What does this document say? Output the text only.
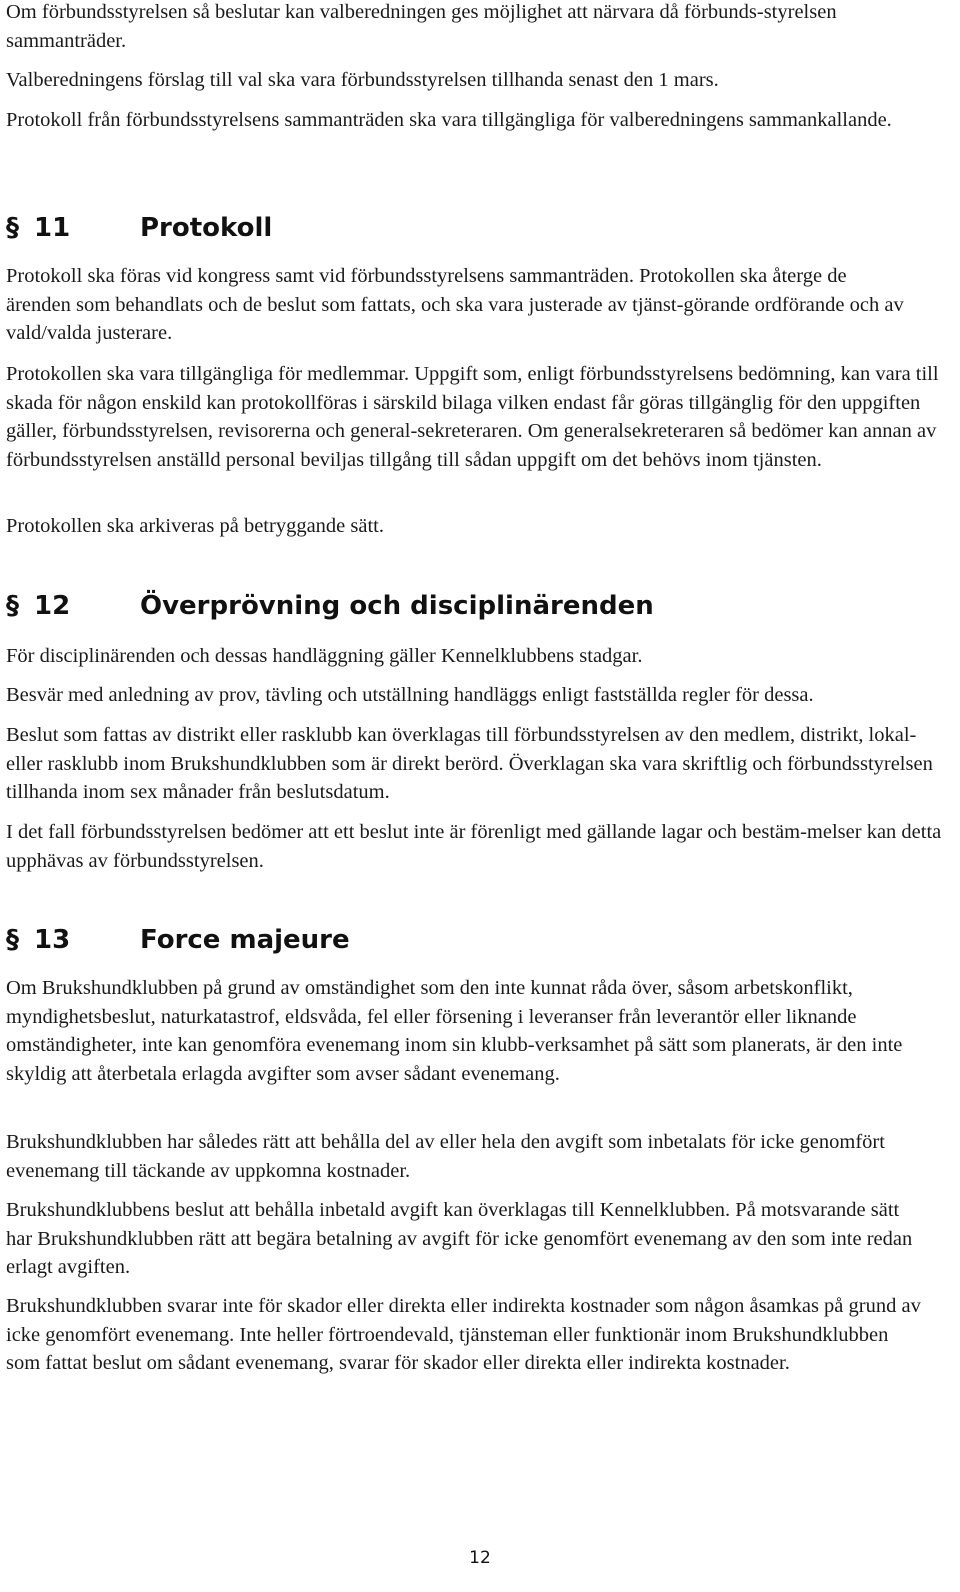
Om förbundsstyrelsen så beslutar kan valberedningen ges möjlighet att närvara då förbunds-styrelsen sammanträder.

Valberedningens förslag till val ska vara förbundsstyrelsen tillhanda senast den 1 mars.

Protokoll från förbundsstyrelsens sammanträden ska vara tillgängliga för valberedningens sammankallande.

§ 11	Protokoll

Protokoll ska föras vid kongress samt vid förbundsstyrelsens sammanträden. Protokollen ska återge de ärenden som behandlats och de beslut som fattats, och ska vara justerade av tjänst-görande ordförande och av vald/valda justerare.

Protokollen ska vara tillgängliga för medlemmar. Uppgift som, enligt förbundsstyrelsens bedömning, kan vara till skada för någon enskild kan protokollföras i särskild bilaga vilken endast får göras tillgänglig för den uppgiften gäller, förbundsstyrelsen, revisorerna och general-sekreteraren. Om generalsekreteraren så bedömer kan annan av förbundsstyrelsen anställd personal beviljas tillgång till sådan uppgift om det behövs inom tjänsten.

Protokollen ska arkiveras på betryggande sätt.

§ 12	Överprövning och disciplinärenden

För disciplinärenden och dessas handläggning gäller Kennelklubbens stadgar.

Besvär med anledning av prov, tävling och utställning handläggs enligt fastställda regler för dessa.

Beslut som fattas av distrikt eller rasklubb kan överklagas till förbundsstyrelsen av den medlem, distrikt, lokal- eller rasklubb inom Brukshundklubben som är direkt berörd. Överklagan ska vara skriftlig och förbundsstyrelsen tillhanda inom sex månader från beslutsdatum.

I det fall förbundsstyrelsen bedömer att ett beslut inte är förenligt med gällande lagar och bestäm-melser kan detta upphävas av förbundsstyrelsen.

§ 13	Force majeure

Om Brukshundklubben på grund av omständighet som den inte kunnat råda över, såsom arbetskonflikt, myndighetsbeslut, naturkatastrof, eldsvåda, fel eller försening i leveranser från leverantör eller liknande omständigheter, inte kan genomföra evenemang inom sin klubb-verksamhet på sätt som planerats, är den inte skyldig att återbetala erlagda avgifter som avser sådant evenemang.

Brukshundklubben har således rätt att behålla del av eller hela den avgift som inbetalats för icke genomfört evenemang till täckande av uppkomna kostnader.

Brukshundklubbens beslut att behålla inbetald avgift kan överklagas till Kennelklubben. På motsvarande sätt har Brukshundklubben rätt att begära betalning av avgift för icke genomfört evenemang av den som inte redan erlagt avgiften.

Brukshundklubben svarar inte för skador eller direkta eller indirekta kostnader som någon åsamkas på grund av icke genomfört evenemang. Inte heller förtroendevald, tjänsteman eller funktionär inom Brukshundklubben som fattat beslut om sådant evenemang, svarar för skador eller direkta eller indirekta kostnader.

12
